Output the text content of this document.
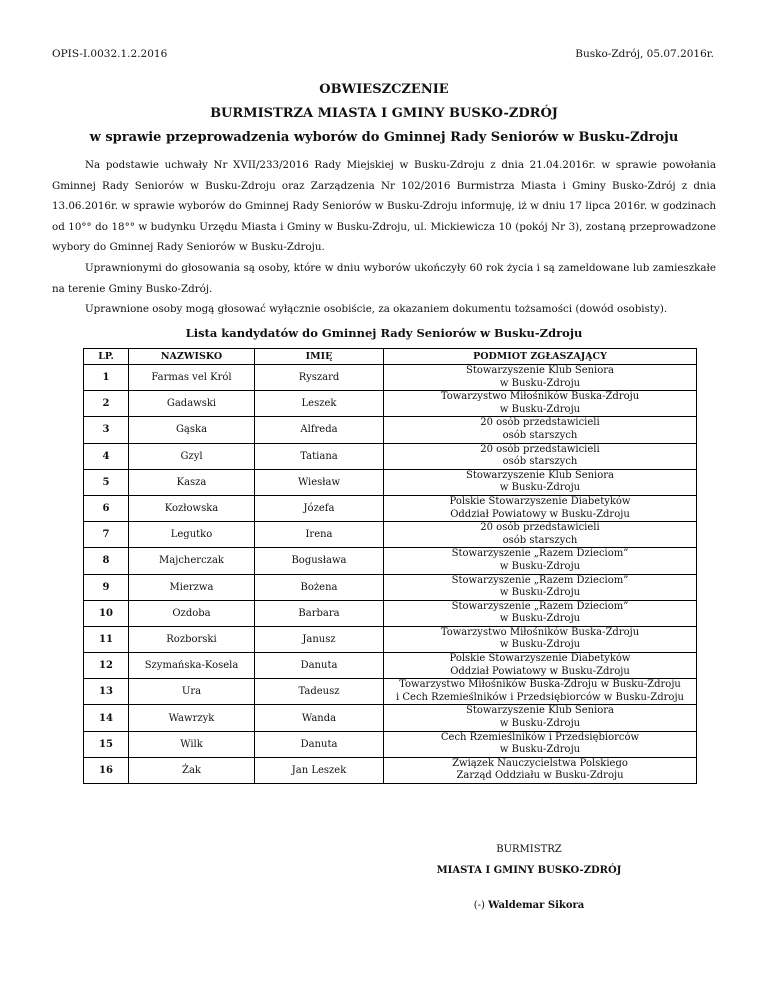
OPIS-I.0032.1.2.2016	Busko-Zdrój, 05.07.2016r.
OBWIESZCZENIE
BURMISTRZA MIASTA I GMINY BUSKO-ZDRÓJ
w sprawie przeprowadzenia wyborów do Gminnej Rady Seniorów w Busku-Zdroju

Na podstawie uchwały Nr XVII/233/2016 Rady Miejskiej w Busku-Zdroju z dnia 21.04.2016r. w sprawie powołania Gminnej Rady Seniorów w Busku-Zdroju oraz Zarządzenia Nr 102/2016 Burmistrza Miasta i Gminy Busko-Zdrój z dnia 13.06.2016r. w sprawie wyborów do Gminnej Rady Seniorów w Busku-Zdroju informuję, iż w dniu 17 lipca 2016r. w godzinach od 10°° do 18°° w budynku Urzędu Miasta i Gminy w Busku-Zdroju, ul. Mickiewicza 10 (pokój Nr 3), zostaną przeprowadzone wybory do Gminnej Rady Seniorów w Busku-Zdroju.

Uprawnionymi do głosowania są osoby, które w dniu wyborów ukończyły 60 rok życia i są zameldowane lub zamieszkałe na terenie Gminy Busko-Zdrój.

Uprawnione osoby mogą głosować wyłącznie osobiście, za okazaniem dokumentu tożsamości (dowód osobisty).

Lista kandydatów do Gminnej Rady Seniorów w Busku-Zdroju
LP.	NAZWISKO	IMIĘ	PODMIOT ZGŁASZAJĄCY
1	Farmas vel Król	Ryszard	Stowarzyszenie Klub Seniora
w Busku-Zdroju

2	Gadawski	Leszek	Towarzystwo Miłośników Buska-Zdroju
w Busku-Zdroju

3	Gąska	Alfreda	20 osób przedstawicieli
osób starszych

4	Gzyl	Tatiana	20 osób przedstawicieli
osób starszych

5	Kasza	Wiesław	Stowarzyszenie Klub Seniora
w Busku-Zdroju

6	Kozłowska	Józefa	Polskie Stowarzyszenie Diabetyków
Oddział Powiatowy w Busku-Zdroju

7	Legutko	Irena	20 osób przedstawicieli
osób starszych

8	Majcherczak	Bogusława	Stowarzyszenie „Razem Dzieciom”
w Busku-Zdroju

9	Mierzwa	Bożena	Stowarzyszenie „Razem Dzieciom”
w Busku-Zdroju

10	Ozdoba	Barbara	Stowarzyszenie „Razem Dzieciom”
w Busku-Zdroju

11	Rozborski	Janusz	Towarzystwo Miłośników Buska-Zdroju
w Busku-Zdroju

12	Szymańska-Kosela	Danuta	Polskie Stowarzyszenie Diabetyków
Oddział Powiatowy w Busku-Zdroju

13	Ura	Tadeusz	Towarzystwo Miłośników Buska-Zdroju w Busku-Zdroju
i Cech Rzemieślników i Przedsiębiorców w Busku-Zdroju

14	Wawrzyk	Wanda	Stowarzyszenie Klub Seniora
w Busku-Zdroju

15	Wilk	Danuta	Cech Rzemieślników i Przedsiębiorców
w Busku-Zdroju

16	Żak	Jan Leszek	Związek Nauczycielstwa Polskiego
Zarząd Oddziału w Busku-Zdroju
BURMISTRZ
MIASTA I GMINY BUSKO-ZDRÓJ
(-) Waldemar Sikora
